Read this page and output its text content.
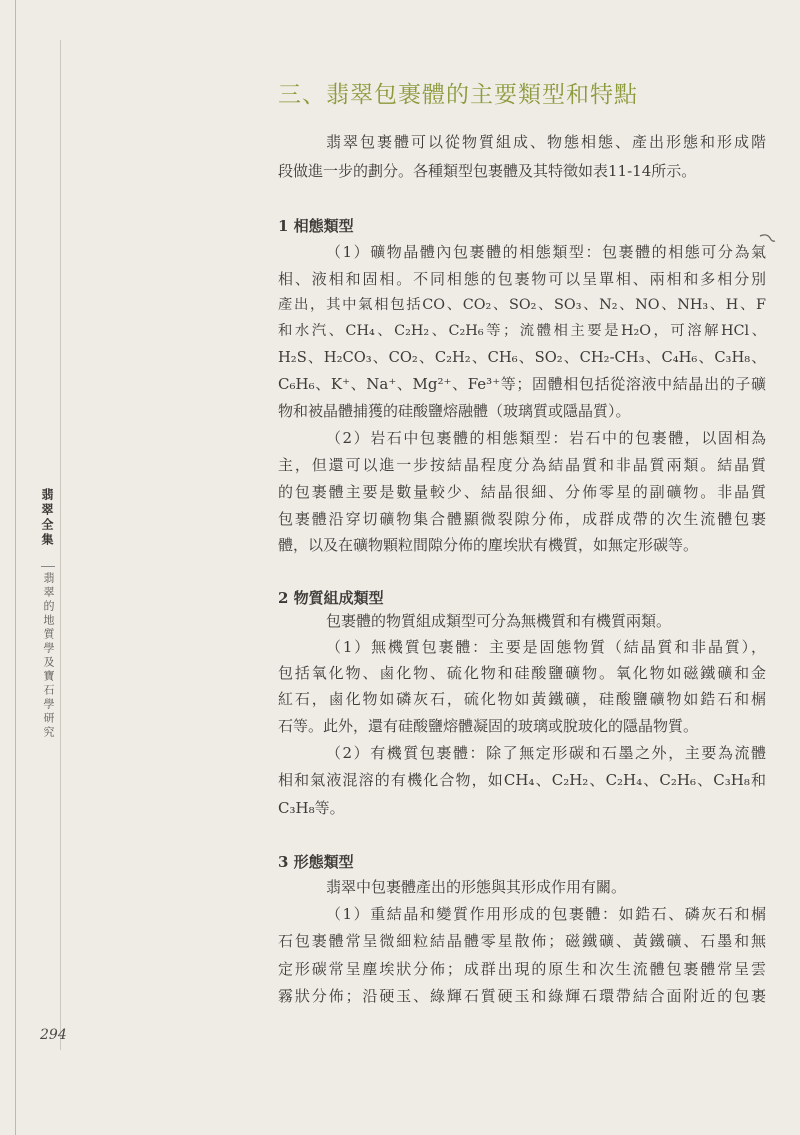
翡翠全集
翡翠的地質學及寶石學研究
294
三、翡翠包裹體的主要類型和特點
翡翠包裹體可以從物質組成、物態相態、產出形態和形成階
段做進一步的劃分。各種類型包裹體及其特徵如表11-14所示。
1 相態類型
（1）礦物晶體內包裹體的相態類型：包裹體的相態可分為氣
相、液相和固相。不同相態的包裹物可以呈單相、兩相和多相分別
產出，其中氣相包括CO、CO₂、SO₂、SO₃、N₂、NO、NH₃、H、F
和水汽、CH₄、C₂H₂、C₂H₆等；流體相主要是H₂O，可溶解HCl、
H₂S、H₂CO₃、CO₂、C₂H₂、CH₆、SO₂、CH₂-CH₃、C₄H₆、C₃H₈、
C₆H₆、K⁺、Na⁺、Mg²⁺、Fe³⁺等；固體相包括從溶液中結晶出的子礦
物和被晶體捕獲的硅酸鹽熔融體（玻璃質或隱晶質）。
（2）岩石中包裹體的相態類型：岩石中的包裹體，以固相為
主，但還可以進一步按結晶程度分為結晶質和非晶質兩類。結晶質
的包裹體主要是數量較少、結晶很細、分佈零星的副礦物。非晶質
包裹體沿穿切礦物集合體顯微裂隙分佈，成群成帶的次生流體包裹
體，以及在礦物顆粒間隙分佈的塵埃狀有機質，如無定形碳等。
2 物質組成類型
包裹體的物質組成類型可分為無機質和有機質兩類。
（1）無機質包裹體：主要是固態物質（結晶質和非晶質），
包括氧化物、鹵化物、硫化物和硅酸鹽礦物。氧化物如磁鐵礦和金
紅石，鹵化物如磷灰石，硫化物如黃鐵礦，硅酸鹽礦物如鋯石和榍
石等。此外，還有硅酸鹽熔體凝固的玻璃或脫玻化的隱晶物質。
（2）有機質包裹體：除了無定形碳和石墨之外，主要為流體
相和氣液混溶的有機化合物，如CH₄、C₂H₂、C₂H₄、C₂H₆、C₃H₈和
C₃H₈等。
3 形態類型
翡翠中包裹體產出的形態與其形成作用有關。
（1）重結晶和變質作用形成的包裹體：如鋯石、磷灰石和榍
石包裹體常呈微細粒結晶體零星散佈；磁鐵礦、黃鐵礦、石墨和無
定形碳常呈塵埃狀分佈；成群出現的原生和次生流體包裹體常呈雲
霧狀分佈；沿硬玉、綠輝石質硬玉和綠輝石環帶結合面附近的包裹
